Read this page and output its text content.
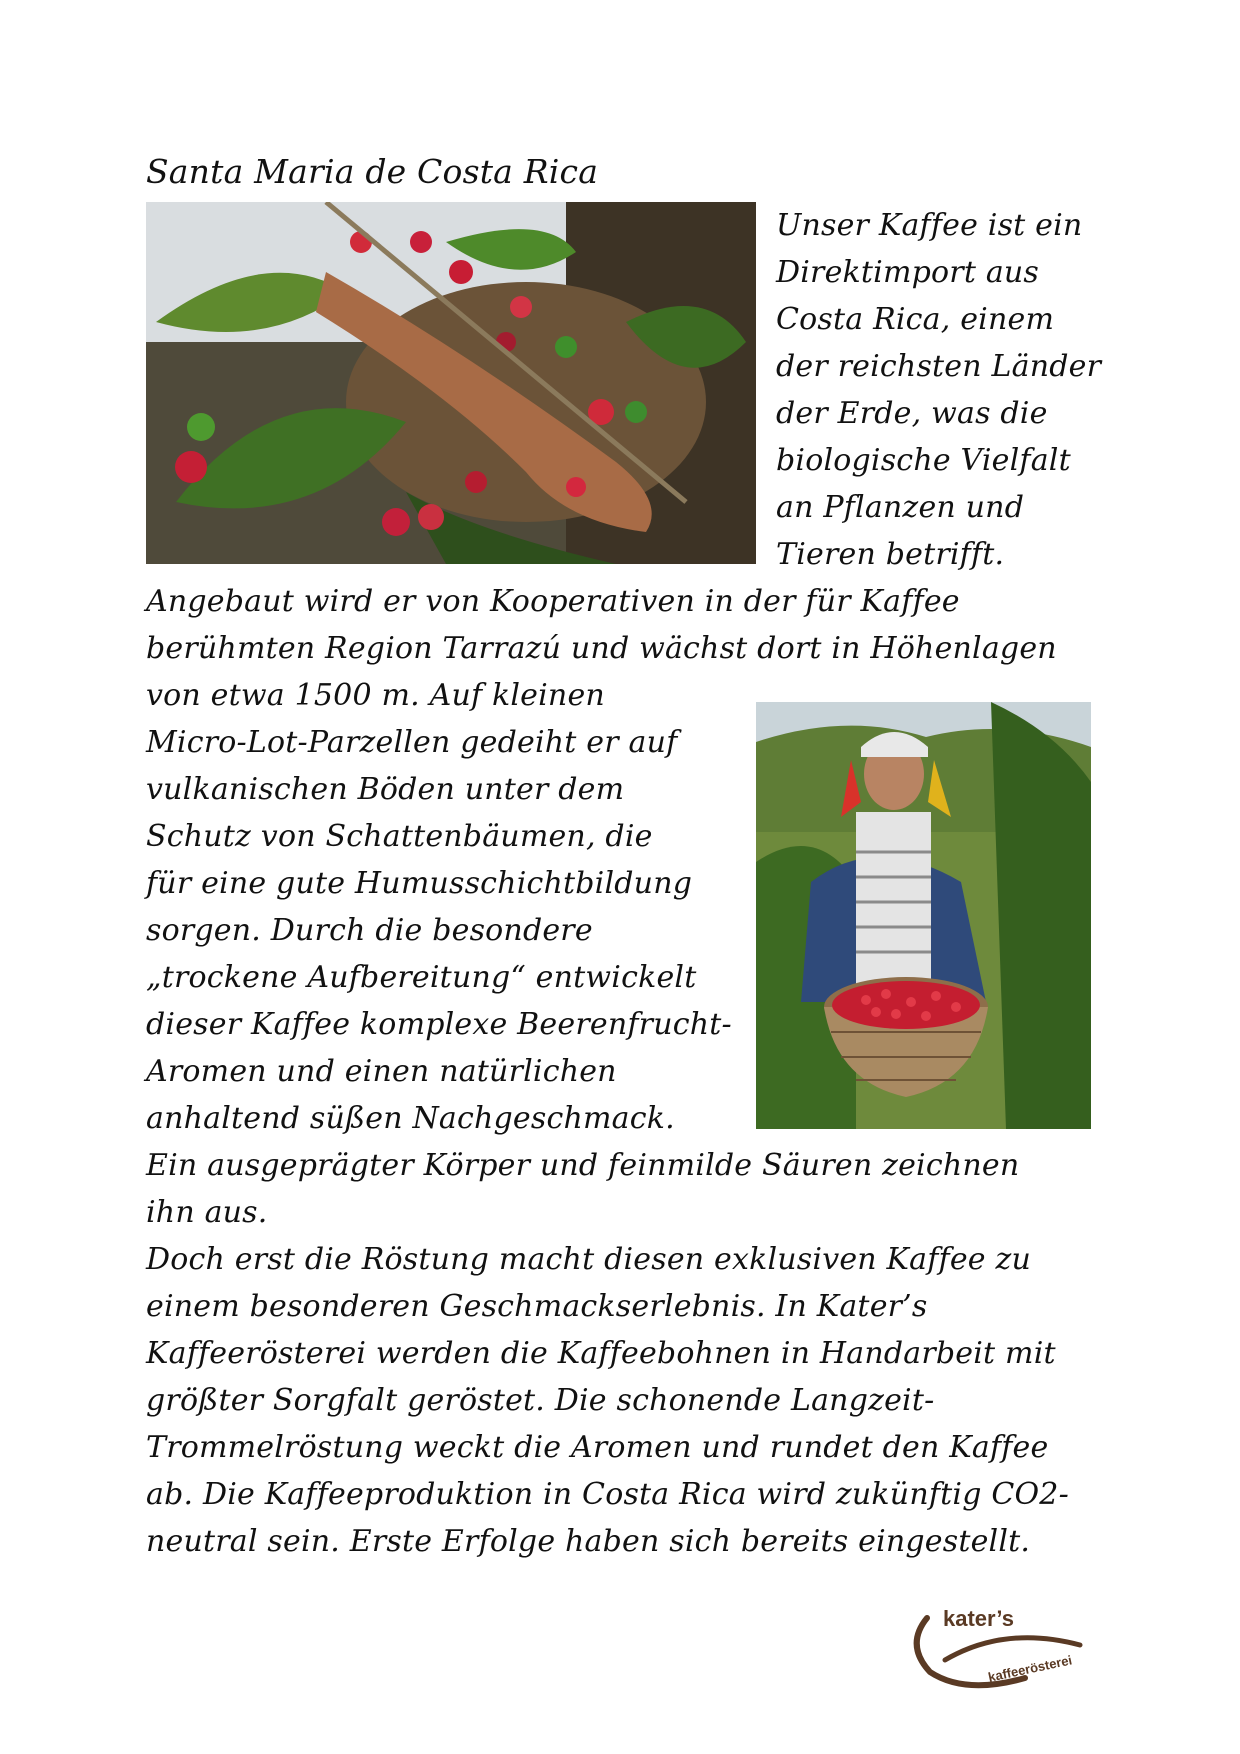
Santa Maria de Costa Rica

Unser Kaffee ist ein

Direktimport aus

Costa Rica, einem

der reichsten Länder

der Erde, was die

biologische Vielfalt

an Pflanzen und

Tieren betrifft.

Angebaut wird er von Kooperativen in der für Kaffee

berühmten Region Tarrazú und wächst dort in Höhenlagen

von etwa 1500 m. Auf kleinen

Micro-Lot-Parzellen gedeiht er auf

vulkanischen Böden unter dem

Schutz von Schattenbäumen, die

für eine gute Humusschichtbildung

sorgen. Durch die besondere

„trockene Aufbereitung“ entwickelt

dieser Kaffee komplexe Beerenfrucht-

Aromen und einen natürlichen

anhaltend süßen Nachgeschmack.

Ein ausgeprägter Körper und feinmilde Säuren zeichnen

ihn aus.

Doch erst die Röstung macht diesen exklusiven Kaffee zu

einem besonderen Geschmackserlebnis. In Kater’s

Kaffeerösterei werden die Kaffeebohnen in Handarbeit mit

größter Sorgfalt geröstet. Die schonende Langzeit-

Trommelröstung weckt die Aromen und rundet den Kaffee

ab. Die Kaffeeproduktion in Costa Rica wird zukünftig CO2-

neutral sein. Erste Erfolge haben sich bereits eingestellt.

kater’s
kaffeerösterei
